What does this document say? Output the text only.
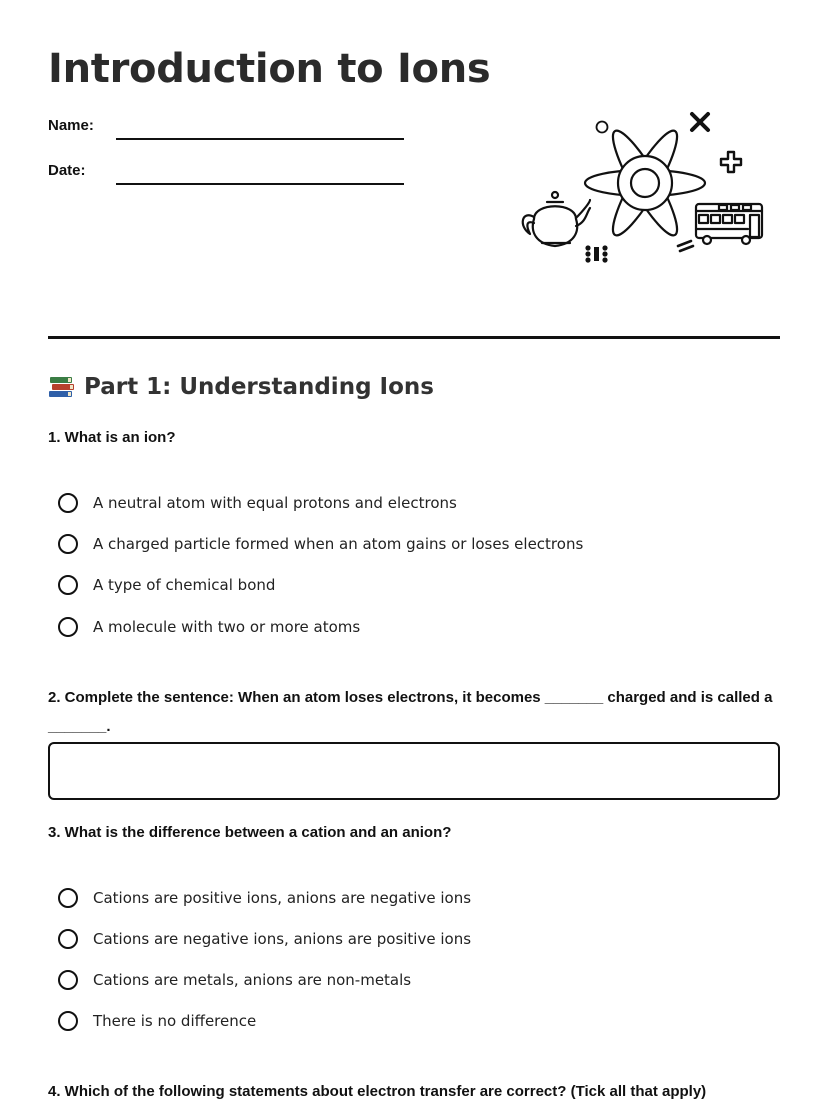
Introduction to Ions
Name:
Date:
Part 1: Understanding Ions
1. What is an ion?
A neutral atom with equal protons and electrons
A charged particle formed when an atom gains or loses electrons
A type of chemical bond
A molecule with two or more atoms
2. Complete the sentence: When an atom loses electrons, it becomes _______ charged and is called a _______.
3. What is the difference between a cation and an anion?
Cations are positive ions, anions are negative ions
Cations are negative ions, anions are positive ions
Cations are metals, anions are non-metals
There is no difference
4. Which of the following statements about electron transfer are correct? (Tick all that apply)
